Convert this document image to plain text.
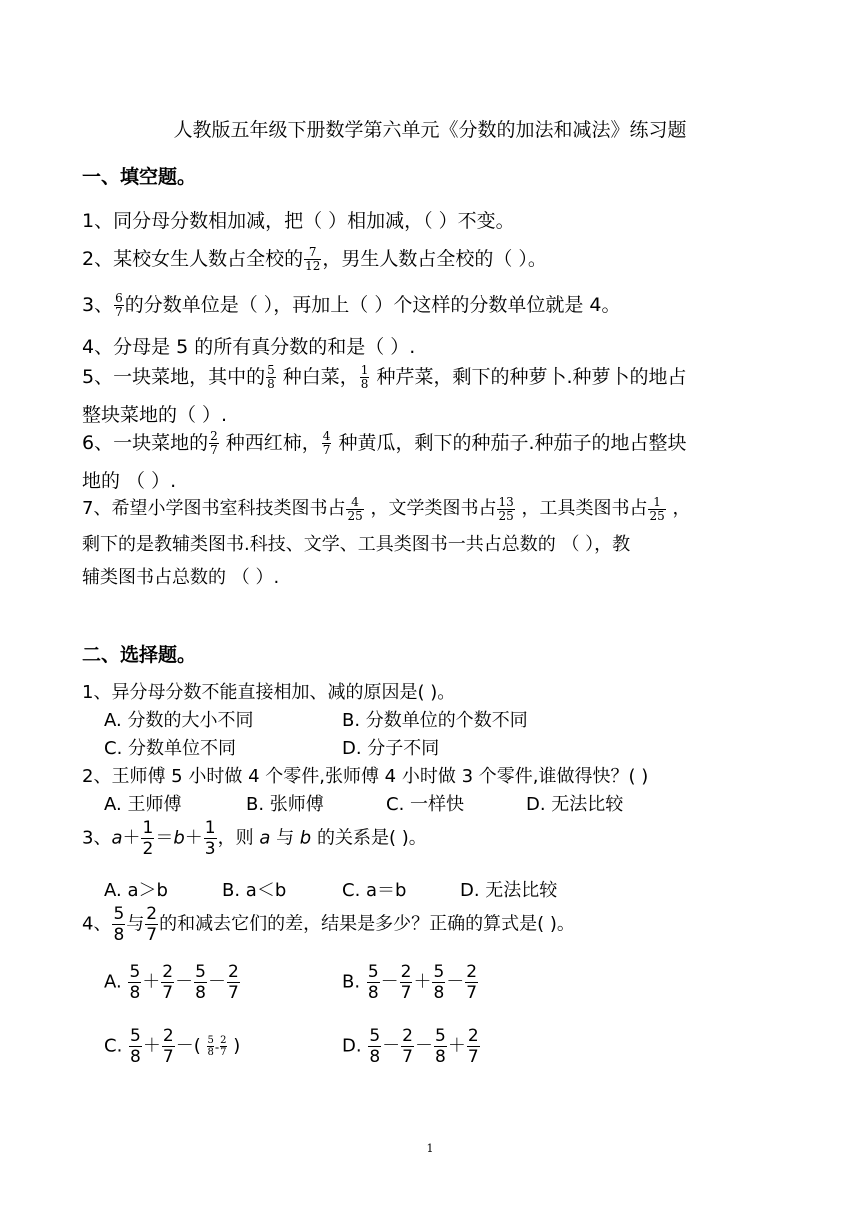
人教版五年级下册数学第六单元《分数的加法和减法》练习题
一、填空题。
1、同分母分数相加减，把（ ）相加减，（ ）不变。
2、某校女生人数占全校的 $\frac{7}{12}$ ，男生人数占全校的（ ）。
3、 $\frac{6}{7}$ 的分数单位是（ ），再加上（ ）个这样的分数单位就是 4。
4、分母是 5 的所有真分数的和是（ ）.
5、一块菜地，其中的 $\frac{5}{8}$ 种白菜， $\frac{1}{8}$ 种芹菜，剩下的种萝卜.种萝卜的地占
整块菜地的（ ）.
6、一块菜地的 $\frac{2}{7}$ 种西红柿， $\frac{4}{7}$ 种黄瓜，剩下的种茄子.种茄子的地占整块
地的 （ ）.
7、希望小学图书室科技类图书占 $\frac{4}{25}$ ，文学类图书占 $\frac{13}{25}$ ，工具类图书占 $\frac{1}{25}$ ，
剩下的是教辅类图书.科技、文学、工具类图书一共占总数的 （ ），教
辅类图书占总数的 （ ）.
二、选择题。
1、异分母分数不能直接相加、减的原因是( )。
A. 分数的大小不同	B. 分数单位的个数不同
C. 分数单位不同	D. 分子不同
2、王师傅 5 小时做 4 个零件,张师傅 4 小时做 3 个零件,谁做得快？( )
A. 王师傅	B. 张师傅	C. 一样快	D. 无法比较
3、$a+ \frac{1}{2} =b+ \frac{1}{3}$ ，则 a 与 b 的关系是( )。
A. a＞b	B. a＜b	C. a＝b	D. 无法比较
4、 $\frac{5}{8}$ 与 $\frac{2}{7}$ 的和减去它们的差，结果是多少？正确的算式是( )。
A. $\frac{5}{8} + \frac{2}{7} - \frac{5}{8} - \frac{2}{7}$	B. $\frac{5}{8} - \frac{2}{7} + \frac{5}{8} - \frac{2}{7}$
C. $\frac{5}{8} + \frac{2}{7}$ －( $\frac{5}{8}- \frac{2}{7}$ )	D. $\frac{5}{8} - \frac{2}{7} - \frac{5}{8} + \frac{2}{7}$
1
